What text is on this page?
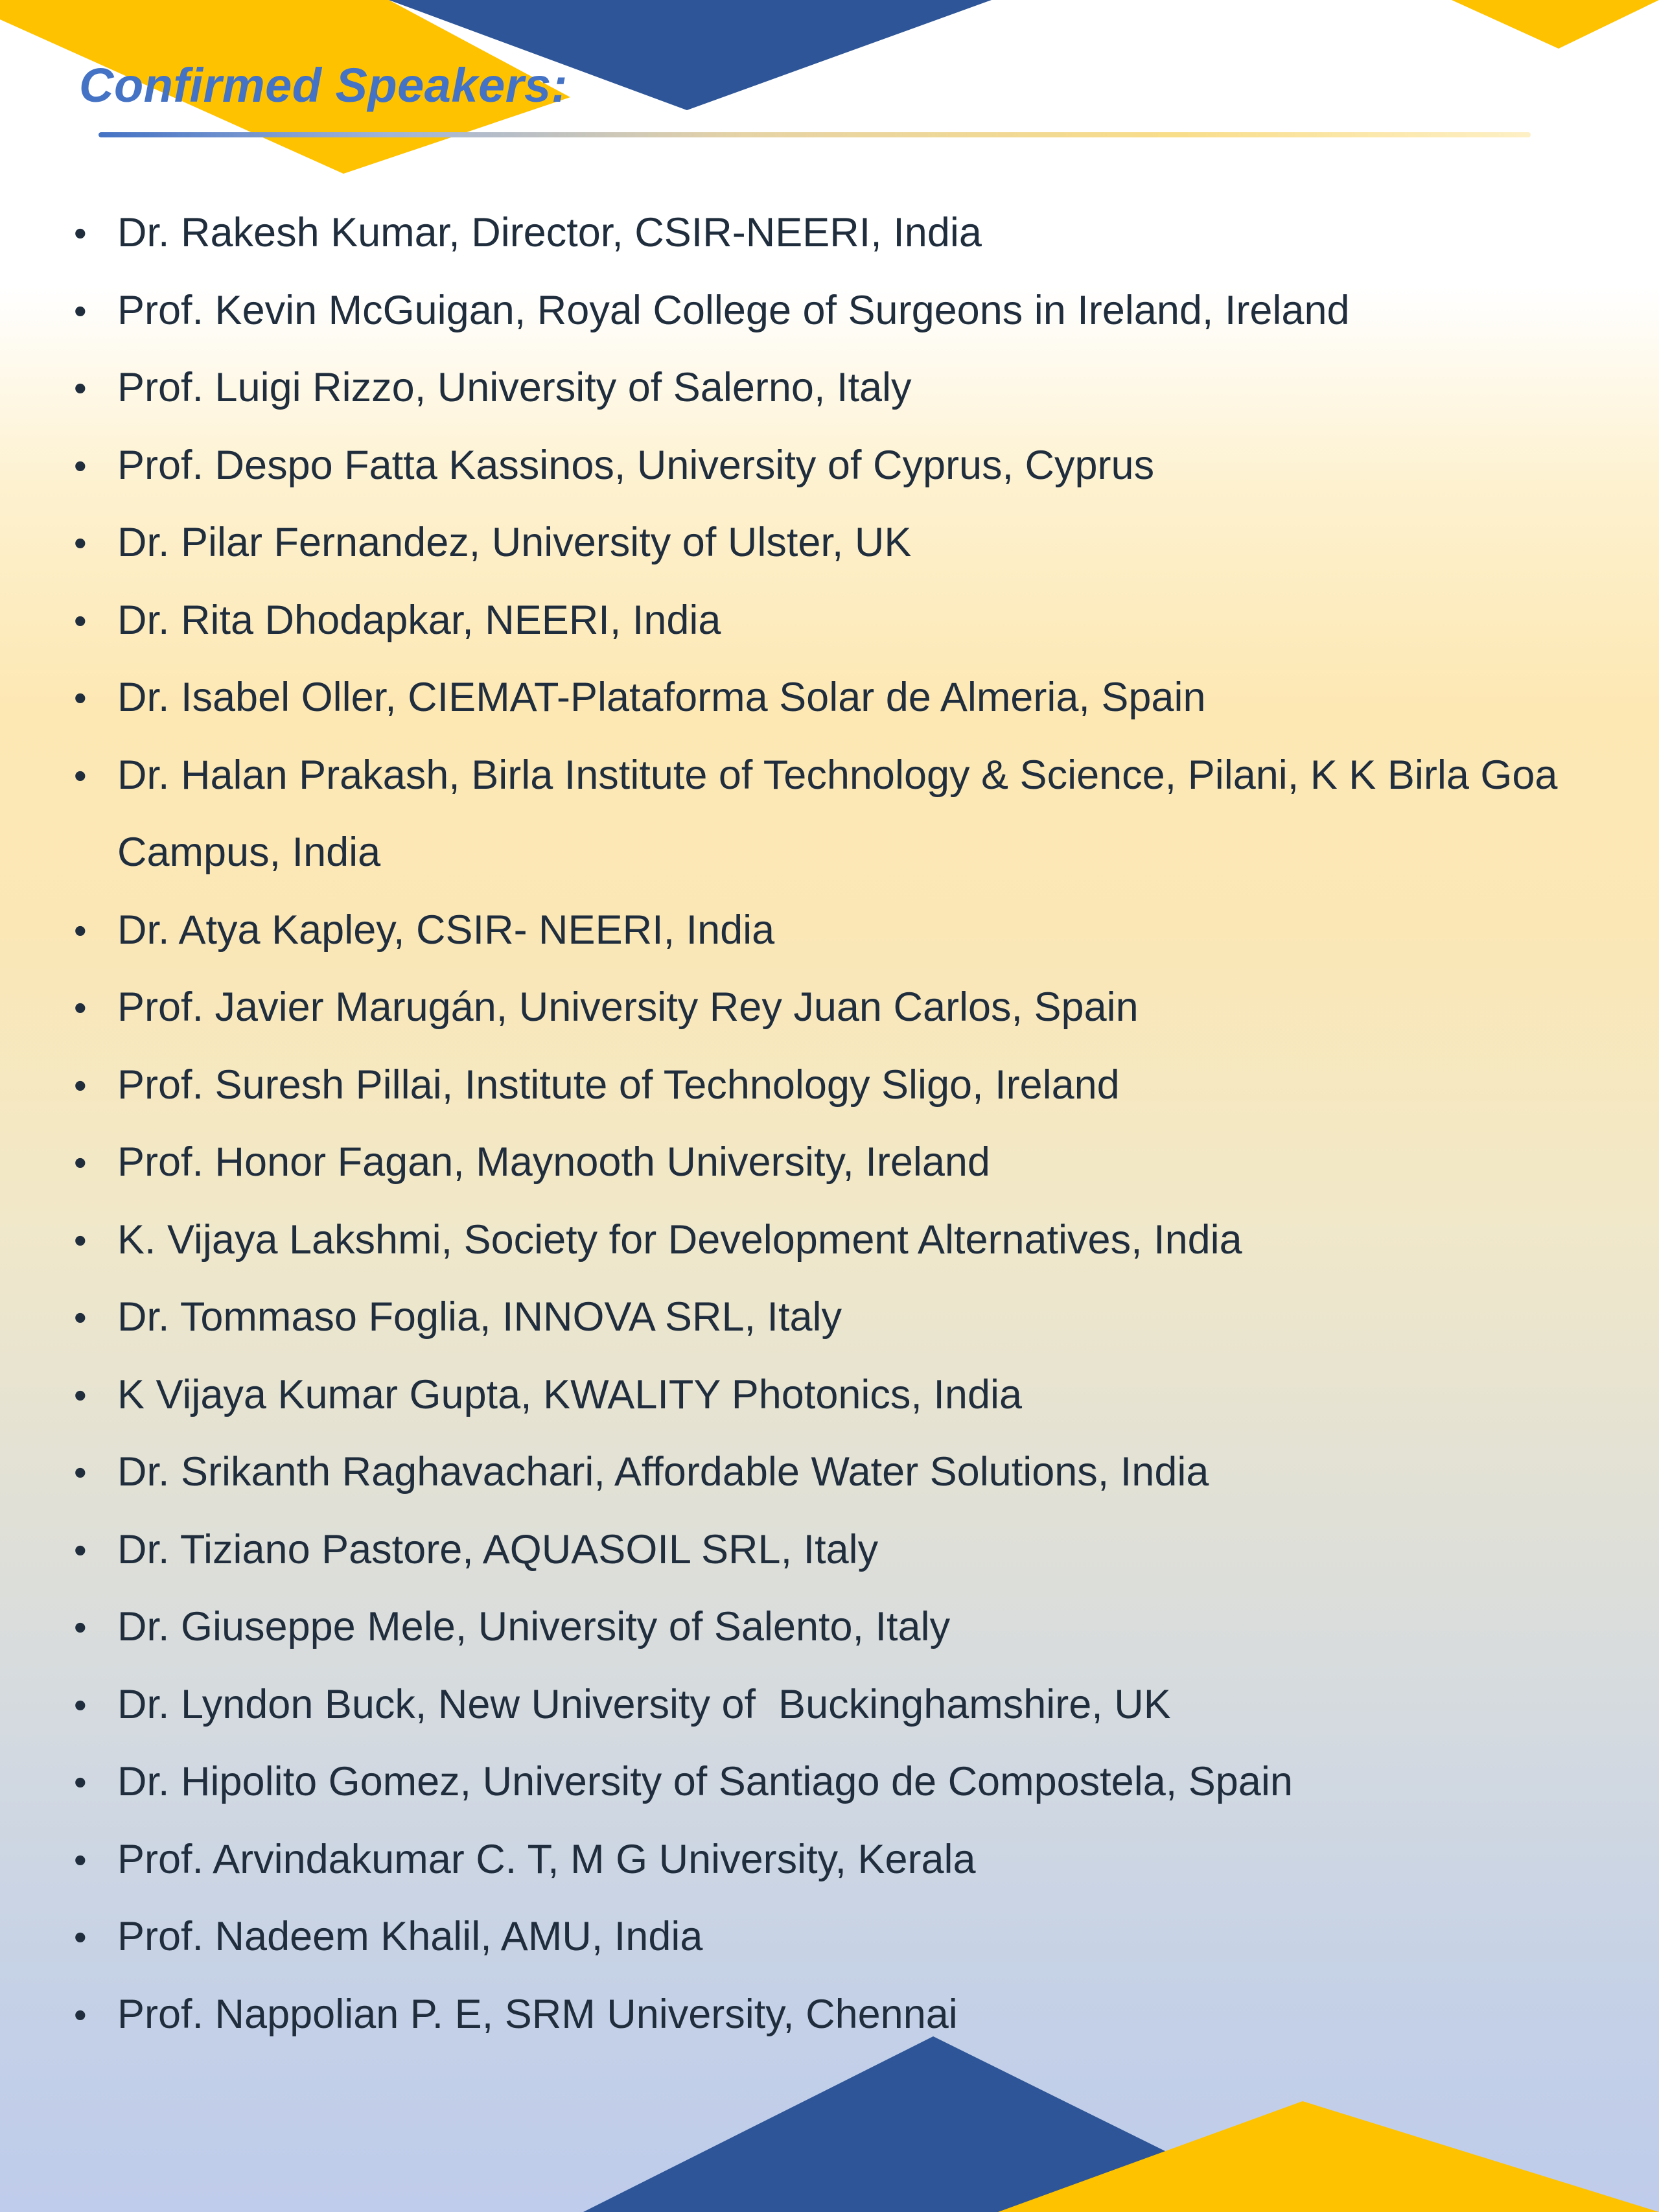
Confirmed Speakers:
• Dr. Rakesh Kumar, Director, CSIR-NEERI, India
• Prof. Kevin McGuigan, Royal College of Surgeons in Ireland, Ireland
• Prof. Luigi Rizzo, University of Salerno, Italy
• Prof. Despo Fatta Kassinos, University of Cyprus, Cyprus
• Dr. Pilar Fernandez, University of Ulster, UK
• Dr. Rita Dhodapkar, NEERI, India
• Dr. Isabel Oller, CIEMAT-Plataforma Solar de Almeria, Spain
• Dr. Halan Prakash, Birla Institute of Technology & Science, Pilani, K K Birla Goa Campus, India
• Dr. Atya Kapley, CSIR- NEERI, India
• Prof. Javier Marugán, University Rey Juan Carlos, Spain
• Prof. Suresh Pillai, Institute of Technology Sligo, Ireland
• Prof. Honor Fagan, Maynooth University, Ireland
• K. Vijaya Lakshmi, Society for Development Alternatives, India
• Dr. Tommaso Foglia, INNOVA SRL, Italy
• K Vijaya Kumar Gupta, KWALITY Photonics, India
• Dr. Srikanth Raghavachari, Affordable Water Solutions, India
• Dr. Tiziano Pastore, AQUASOIL SRL, Italy
• Dr. Giuseppe Mele, University of Salento, Italy
• Dr. Lyndon Buck, New University of  Buckinghamshire, UK
• Dr. Hipolito Gomez, University of Santiago de Compostela, Spain
• Prof. Arvindakumar C. T, M G University, Kerala
• Prof. Nadeem Khalil, AMU, India
• Prof. Nappolian P. E, SRM University, Chennai
